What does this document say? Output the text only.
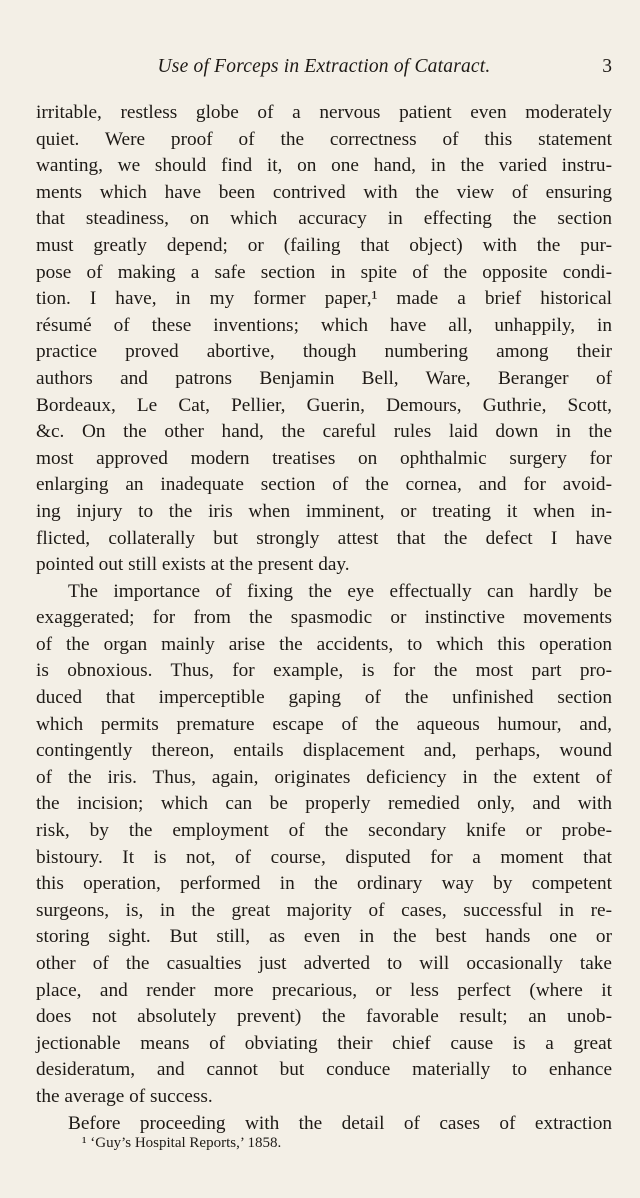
Use of Forceps in Extraction of Cataract.	3
irritable, restless globe of a nervous patient even moderately
quiet. Were proof of the correctness of this statement
wanting, we should find it, on one hand, in the varied instru-
ments which have been contrived with the view of ensuring
that steadiness, on which accuracy in effecting the section
must greatly depend; or (failing that object) with the pur-
pose of making a safe section in spite of the opposite condi-
tion. I have, in my former paper,¹ made a brief historical
résumé of these inventions; which have all, unhappily, in
practice proved abortive, though numbering among their
authors and patrons Benjamin Bell, Ware, Beranger of
Bordeaux, Le Cat, Pellier, Guerin, Demours, Guthrie, Scott,
&c. On the other hand, the careful rules laid down in the
most approved modern treatises on ophthalmic surgery for
enlarging an inadequate section of the cornea, and for avoid-
ing injury to the iris when imminent, or treating it when in-
flicted, collaterally but strongly attest that the defect I have
pointed out still exists at the present day.
The importance of fixing the eye effectually can hardly be
exaggerated; for from the spasmodic or instinctive movements
of the organ mainly arise the accidents, to which this operation
is obnoxious. Thus, for example, is for the most part pro-
duced that imperceptible gaping of the unfinished section
which permits premature escape of the aqueous humour, and,
contingently thereon, entails displacement and, perhaps, wound
of the iris. Thus, again, originates deficiency in the extent of
the incision; which can be properly remedied only, and with
risk, by the employment of the secondary knife or probe-
bistoury. It is not, of course, disputed for a moment that
this operation, performed in the ordinary way by competent
surgeons, is, in the great majority of cases, successful in re-
storing sight. But still, as even in the best hands one or
other of the casualties just adverted to will occasionally take
place, and render more precarious, or less perfect (where it
does not absolutely prevent) the favorable result; an unob-
jectionable means of obviating their chief cause is a great
desideratum, and cannot but conduce materially to enhance
the average of success.
Before proceeding with the detail of cases of extraction
¹ ‘Guy’s Hospital Reports,’ 1858.
